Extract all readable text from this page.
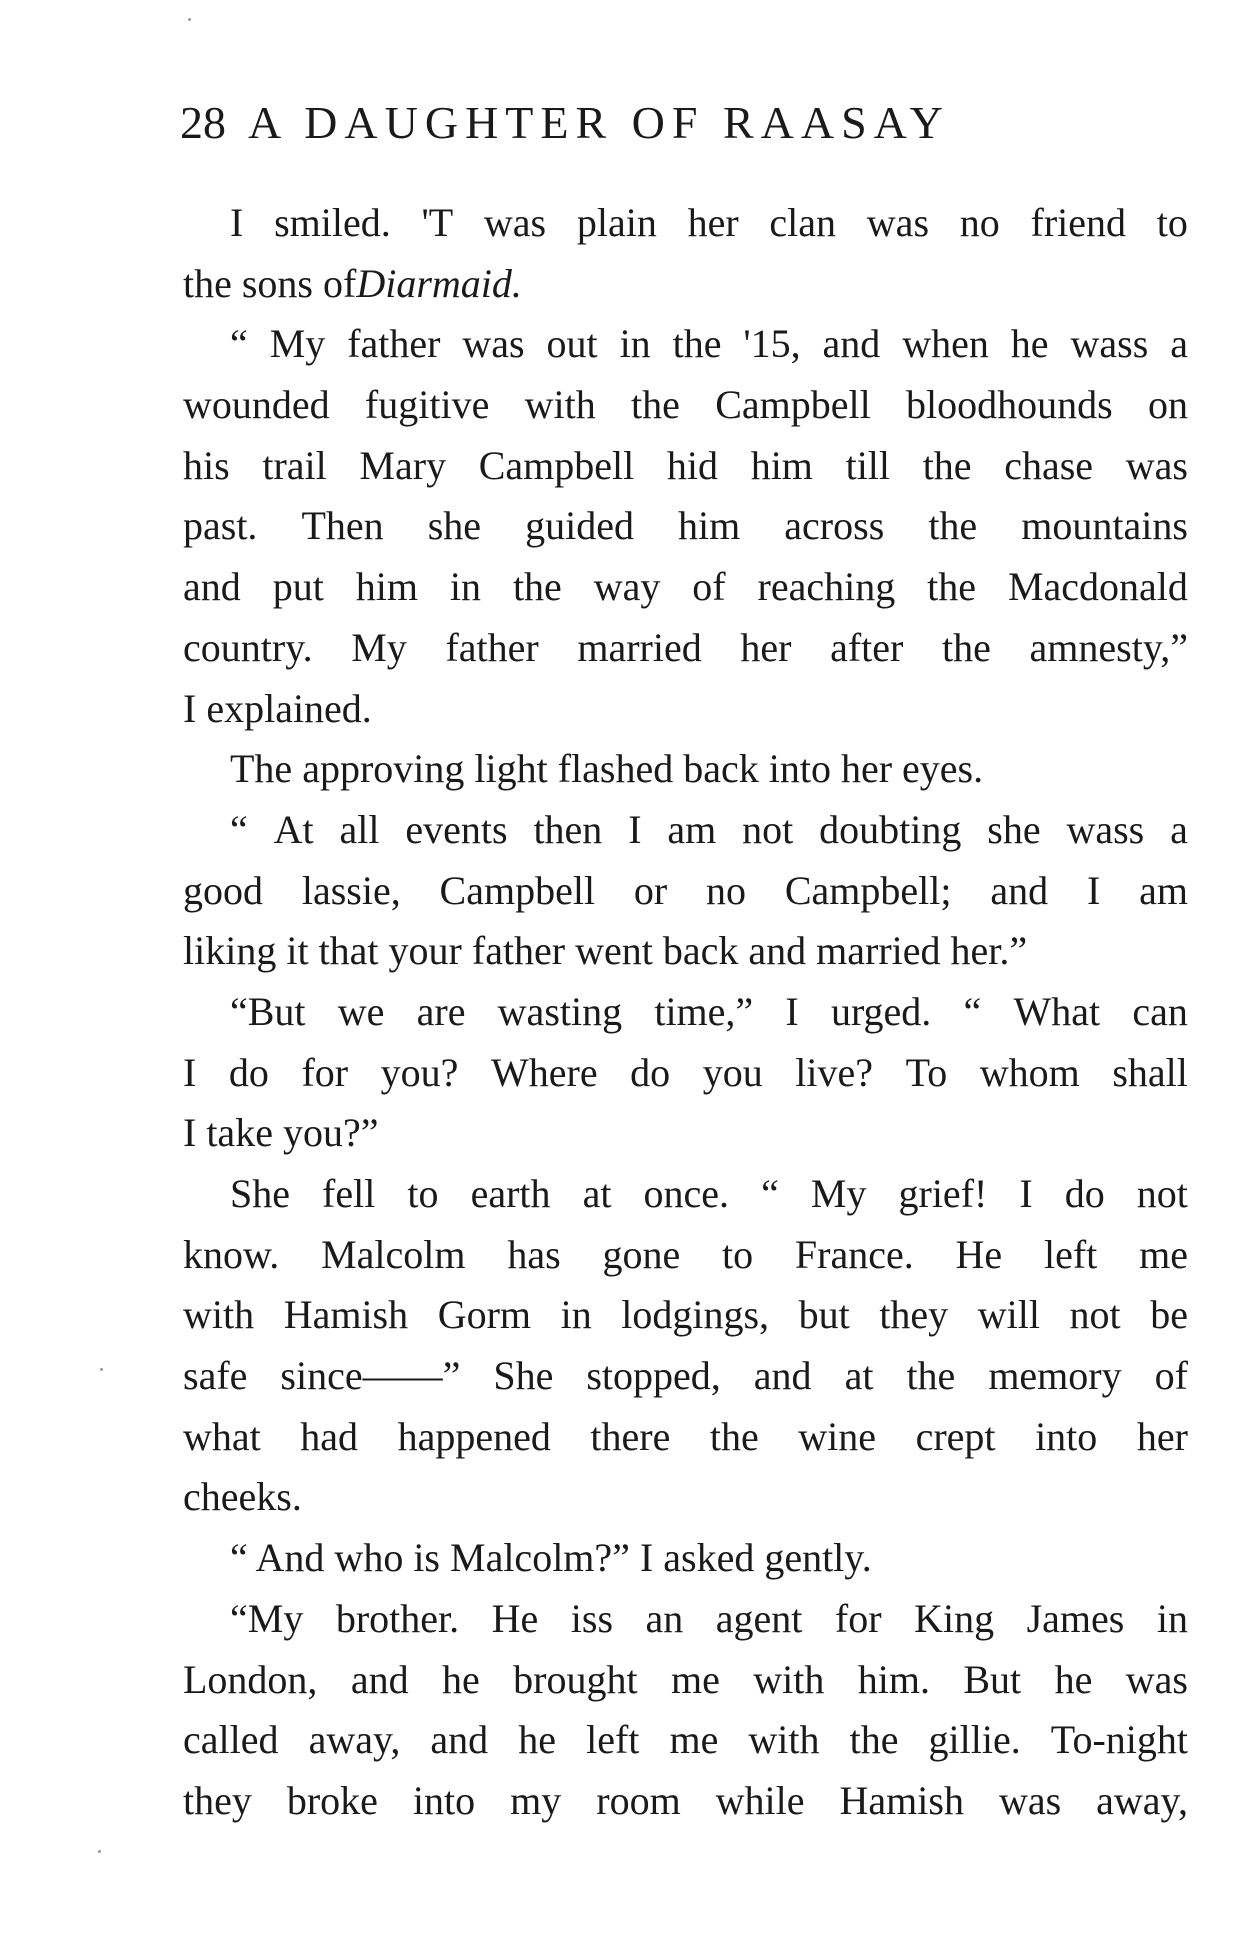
28 A DAUGHTER OF RAASAY
I smiled. 'T was plain her clan was no friend to
the sons of Diarmaid.
“ My father was out in the '15, and when he wass a
wounded fugitive with the Campbell bloodhounds on
his trail Mary Campbell hid him till the chase was
past. Then she guided him across the mountains
and put him in the way of reaching the Macdonald
country. My father married her after the amnesty,”
I explained.
The approving light flashed back into her eyes.
“ At all events then I am not doubting she wass a
good lassie, Campbell or no Campbell; and I am
liking it that your father went back and married her.”
“But we are wasting time,” I urged. “ What can
I do for you? Where do you live? To whom shall
I take you?”
She fell to earth at once. “ My grief! I do not
know. Malcolm has gone to France. He left me
with Hamish Gorm in lodgings, but they will not be
safe since——” She stopped, and at the memory of
what had happened there the wine crept into her
cheeks.
“ And who is Malcolm?” I asked gently.
“My brother. He iss an agent for King James in
London, and he brought me with him. But he was
called away, and he left me with the gillie. To-night
they broke into my room while Hamish was away,
